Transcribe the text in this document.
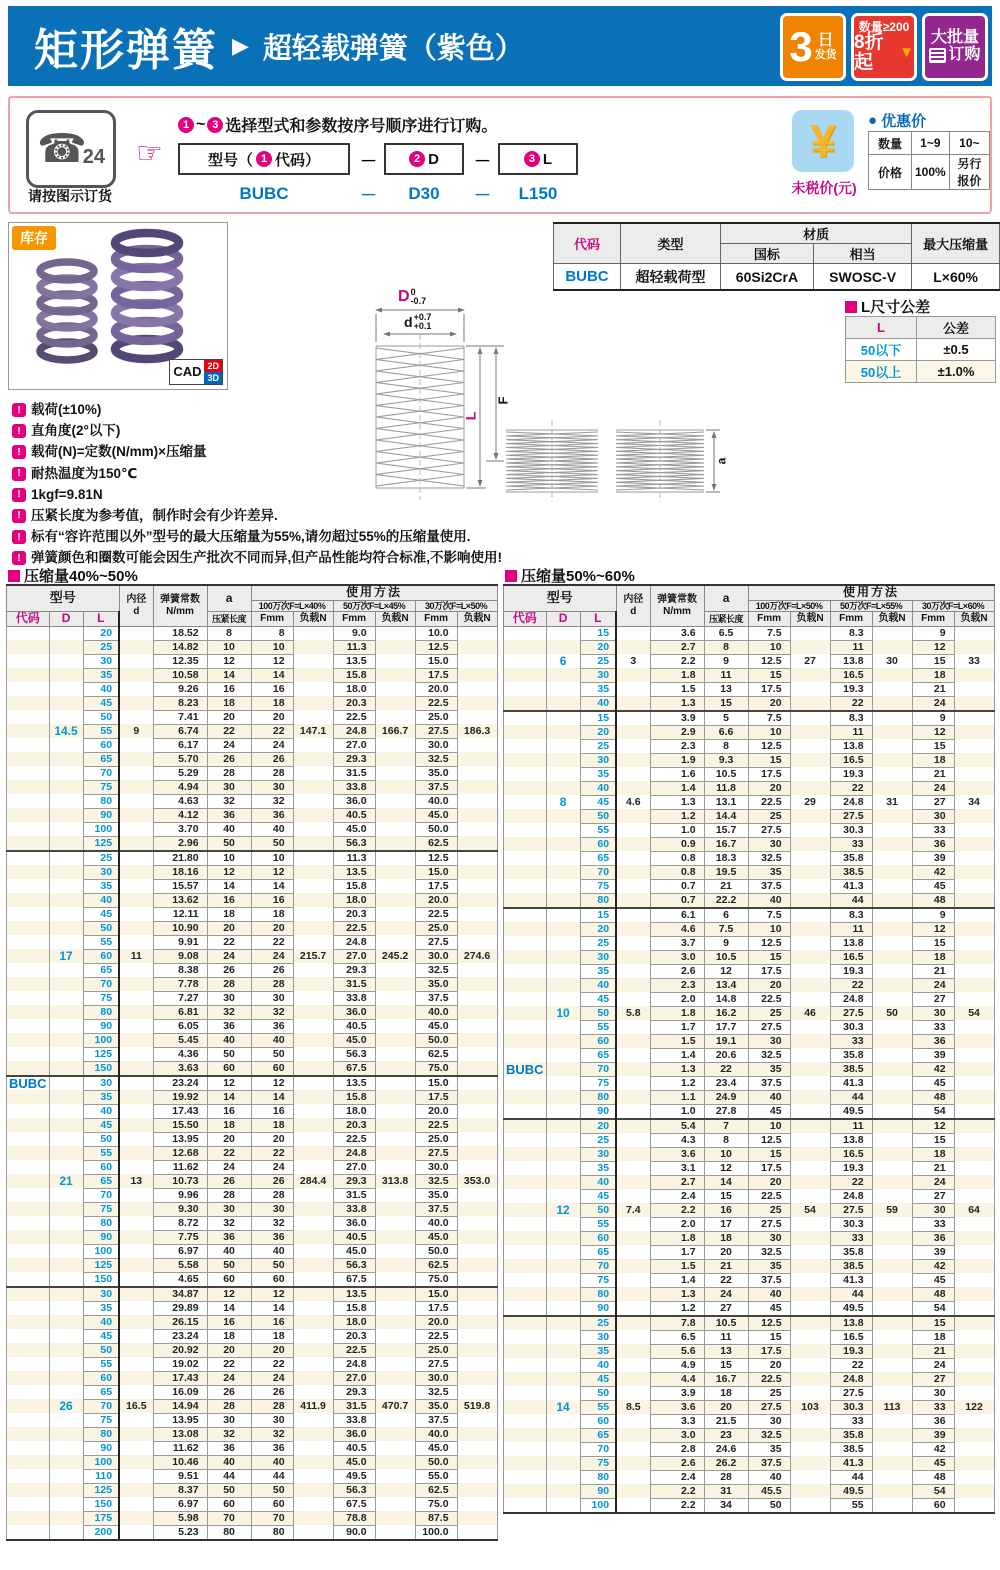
矩形弹簧 ▶ 超轻载弹簧（紫色）	3 日
发货
数量≥200
8折起	▼
大批量
订购
☎
24
请按图示订货
☞
1 ~ 3 选择型式和参数按序号顺序进行订购。
型号（ 1 代码） －	2 D －	3 L
BUBC	－	D30	－	L150
¥
未税价(元)
● 优惠价
数量	1~9	10~
价格	100%	另行报价
库存
CAD 2D
3D
代码	类型	材质		最大压缩量
		国标	相当	
BUBC	超轻载荷型	60Si2CrA	SWOSC-V	L×60%
L尺寸公差
L	公差
50以下	±0.5
50以上	±1.0%
D 0
-0.7
d +0.7
+0.1
F
L
a
! 载荷(±10%)
! 直角度(2°以下)
! 载荷(N)=定数(N/mm)×压缩量
! 耐热温度为150℃
! 1kgf=9.81N
! 压紧长度为参考值，制作时会有少许差异.
! 标有“容许范围以外”型号的最大压缩量为55%,请勿超过55%的压缩量使用.
! 弹簧颜色和圈数可能会因生产批次不同而异,但产品性能均符合标准,不影响使用!
压缩量40%~50%	压缩量50%~60%
型号	内径
d

弹簧常数
N/mm
	a	使用方法
						100万次F=L×40%		50万次F=L×45%		30万次F=L×50%	
代码	D	L			压紧长度	Fmm	负载N	Fmm	负载N	Fmm	负载N
		20		18.52	8	8		9.0		10.0	
		25		14.82	10	10		11.3		12.5	
		30		12.35	12	12		13.5		15.0	
		35		10.58	14	14		15.8		17.5	
		40		9.26	16	16		18.0		20.0	
		45		8.23	18	18		20.3		22.5	
		50		7.41	20	20		22.5		25.0	
	14.5	55	9	6.74	22	22	147.1	24.8	166.7	27.5	186.3
		60		6.17	24	24		27.0		30.0	
		65		5.70	26	26		29.3		32.5	
		70		5.29	28	28		31.5		35.0	
		75		4.94	30	30		33.8		37.5	
		80		4.63	32	32		36.0		40.0	
		90		4.12	36	36		40.5		45.0	
		100		3.70	40	40		45.0		50.0	
		125		2.96	50	50		56.3		62.5	
		25		21.80	10	10		11.3		12.5	
		30		18.16	12	12		13.5		15.0	
		35		15.57	14	14		15.8		17.5	
		40		13.62	16	16		18.0		20.0	
		45		12.11	18	18		20.3		22.5	
		50		10.90	20	20		22.5		25.0	
		55		9.91	22	22		24.8		27.5	
	17	60	11	9.08	24	24	215.7	27.0	245.2	30.0	274.6
		65		8.38	26	26		29.3		32.5	
		70		7.78	28	28		31.5		35.0	
		75		7.27	30	30		33.8		37.5	
		80		6.81	32	32		36.0		40.0	
		90		6.05	36	36		40.5		45.0	
		100		5.45	40	40		45.0		50.0	
		125		4.36	50	50		56.3		62.5	
		150		3.63	60	60		67.5		75.0	
BUBC		30		23.24	12	12		13.5		15.0	
		35		19.92	14	14		15.8		17.5	
		40		17.43	16	16		18.0		20.0	
		45		15.50	18	18		20.3		22.5	
		50		13.95	20	20		22.5		25.0	
		55		12.68	22	22		24.8		27.5	
		60		11.62	24	24		27.0		30.0	
	21	65	13	10.73	26	26	284.4	29.3	313.8	32.5	353.0
		70		9.96	28	28		31.5		35.0	
		75		9.30	30	30		33.8		37.5	
		80		8.72	32	32		36.0		40.0	
		90		7.75	36	36		40.5		45.0	
		100		6.97	40	40		45.0		50.0	
		125		5.58	50	50		56.3		62.5	
		150		4.65	60	60		67.5		75.0	
		30		34.87	12	12		13.5		15.0	
		35		29.89	14	14		15.8		17.5	
		40		26.15	16	16		18.0		20.0	
		45		23.24	18	18		20.3		22.5	
		50		20.92	20	20		22.5		25.0	
		55		19.02	22	22		24.8		27.5	
		60		17.43	24	24		27.0		30.0	
		65		16.09	26	26		29.3		32.5	
	26	70	16.5	14.94	28	28	411.9	31.5	470.7	35.0	519.8
		75		13.95	30	30		33.8		37.5	
		80		13.08	32	32		36.0		40.0	
		90		11.62	36	36		40.5		45.0	
		100		10.46	40	40		45.0		50.0	
		110		9.51	44	44		49.5		55.0	
		125		8.37	50	50		56.3		62.5	
		150		6.97	60	60		67.5		75.0	
		175		5.98	70	70		78.8		87.5	
		200		5.23	80	80		90.0		100.0	
型号	内径
d

弹簧常数
N/mm
	a	使用方法
						100万次F=L×50%		50万次F=L×55%		30万次F=L×60%	
代码	D	L			压紧长度	Fmm	负载N	Fmm	负载N	Fmm	负载N
		15		3.6	6.5	7.5		8.3		9	
		20		2.7	8	10		11		12	
	6	25	3	2.2	9	12.5	27	13.8	30	15	33
		30		1.8	11	15		16.5		18	
		35		1.5	13	17.5		19.3		21	
		40		1.3	15	20		22		24	
		15		3.9	5	7.5		8.3		9	
		20		2.9	6.6	10		11		12	
		25		2.3	8	12.5		13.8		15	
		30		1.9	9.3	15		16.5		18	
		35		1.6	10.5	17.5		19.3		21	
		40		1.4	11.8	20		22		24	
	8	45	4.6	1.3	13.1	22.5	29	24.8	31	27	34
		50		1.2	14.4	25		27.5		30	
		55		1.0	15.7	27.5		30.3		33	
		60		0.9	16.7	30		33		36	
		65		0.8	18.3	32.5		35.8		39	
		70		0.8	19.5	35		38.5		42	
		75		0.7	21	37.5		41.3		45	
		80		0.7	22.2	40		44		48	
		15		6.1	6	7.5		8.3		9	
		20		4.6	7.5	10		11		12	
		25		3.7	9	12.5		13.8		15	
		30		3.0	10.5	15		16.5		18	
		35		2.6	12	17.5		19.3		21	
		40		2.3	13.4	20		22		24	
		45		2.0	14.8	22.5		24.8		27	
	10	50	5.8	1.8	16.2	25	46	27.5	50	30	54
		55		1.7	17.7	27.5		30.3		33	
		60		1.5	19.1	30		33		36	
		65		1.4	20.6	32.5		35.8		39	
BUBC		70		1.3	22	35		38.5		42	
		75		1.2	23.4	37.5		41.3		45	
		80		1.1	24.9	40		44		48	
		90		1.0	27.8	45		49.5		54	
		20		5.4	7	10		11		12	
		25		4.3	8	12.5		13.8		15	
		30		3.6	10	15		16.5		18	
		35		3.1	12	17.5		19.3		21	
		40		2.7	14	20		22		24	
		45		2.4	15	22.5		24.8		27	
	12	50	7.4	2.2	16	25	54	27.5	59	30	64
		55		2.0	17	27.5		30.3		33	
		60		1.8	18	30		33		36	
		65		1.7	20	32.5		35.8		39	
		70		1.5	21	35		38.5		42	
		75		1.4	22	37.5		41.3		45	
		80		1.3	24	40		44		48	
		90		1.2	27	45		49.5		54	
		25		7.8	10.5	12.5		13.8		15	
		30		6.5	11	15		16.5		18	
		35		5.6	13	17.5		19.3		21	
		40		4.9	15	20		22		24	
		45		4.4	16.7	22.5		24.8		27	
		50		3.9	18	25		27.5		30	
	14	55	8.5	3.6	20	27.5	103	30.3	113	33	122
		60		3.3	21.5	30		33		36	
		65		3.0	23	32.5		35.8		39	
		70		2.8	24.6	35		38.5		42	
		75		2.6	26.2	37.5		41.3		45	
		80		2.4	28	40		44		48	
		90		2.2	31	45.5		49.5		54	
		100		2.2	34	50		55		60	
